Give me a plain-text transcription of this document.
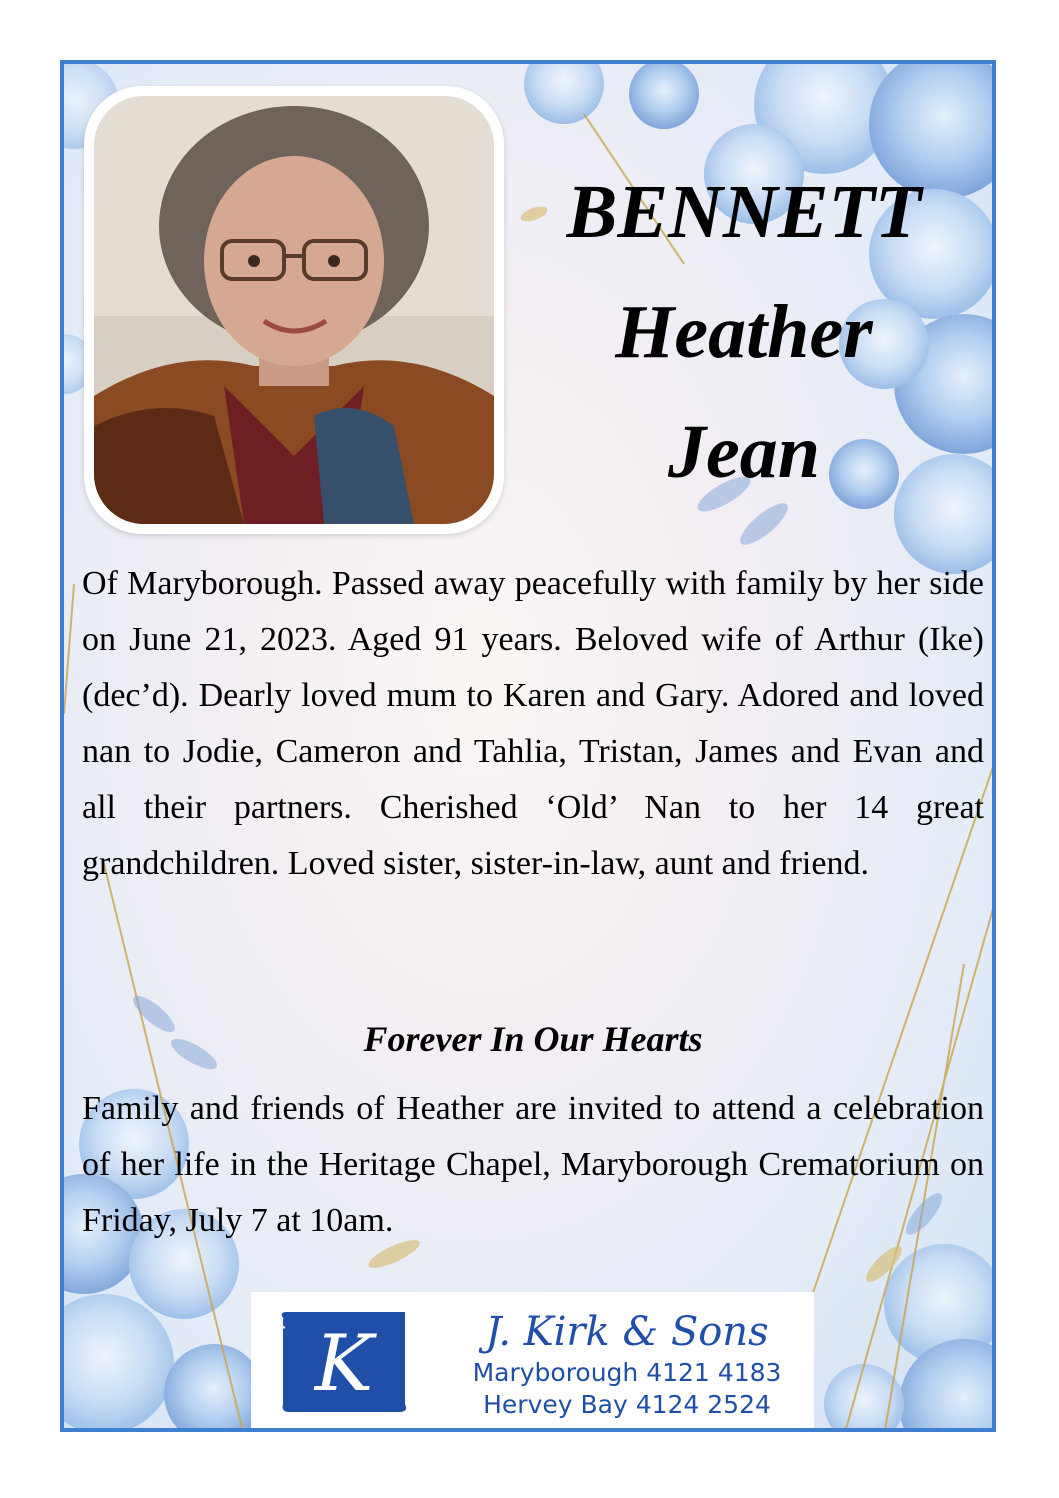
BENNETT
Heather
Jean

Of Maryborough. Passed away peacefully with family by her side on June 21, 2023. Aged 91 years. Beloved wife of Arthur (Ike) (dec’d). Dearly loved mum to Karen and Gary. Adored and loved nan to Jodie, Cameron and Tahlia, Tristan, James and Evan and all their partners. Cherished ‘Old’ Nan to her 14 great grandchildren. Loved sister, sister-in-law, aunt and friend.

Forever In Our Hearts

Family and friends of Heather are invited to attend a celebration of her life in the Heritage Chapel, Maryborough Crematorium on Friday, July 7 at 10am.

K	J. Kirk & Sons
Maryborough 4121 4183
Hervey Bay 4124 2524
